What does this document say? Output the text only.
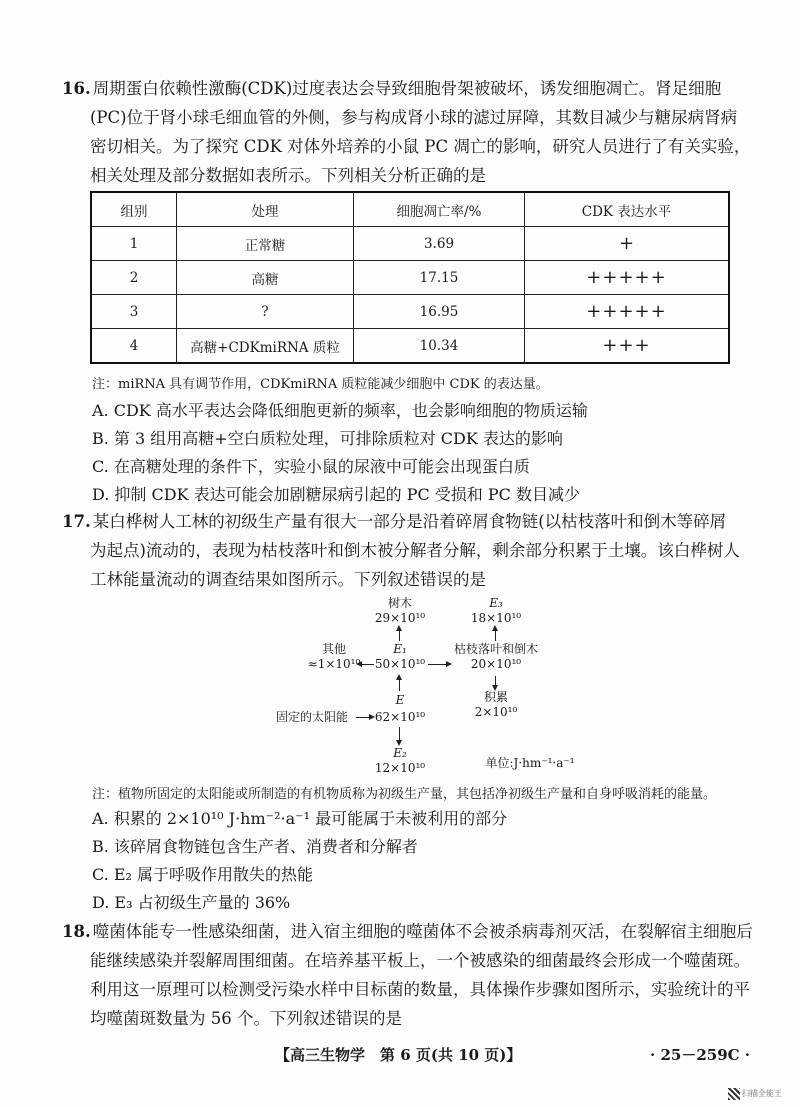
16. 周期蛋白依赖性激酶(CDK)过度表达会导致细胞骨架被破坏，诱发细胞凋亡。肾足细胞
(PC)位于肾小球毛细血管的外侧，参与构成肾小球的滤过屏障，其数目减少与糖尿病肾病
密切相关。为了探究 CDK 对体外培养的小鼠 PC 凋亡的影响，研究人员进行了有关实验，
相关处理及部分数据如表所示。下列相关分析正确的是
组别	处理	细胞凋亡率/%	CDK 表达水平
1	正常糖	3.69	+
2	高糖	17.15	+++++
3	?	16.95	+++++
4	高糖+CDKmiRNA 质粒	10.34	+++
注：miRNA 具有调节作用，CDKmiRNA 质粒能减少细胞中 CDK 的表达量。
A. CDK 高水平表达会降低细胞更新的频率，也会影响细胞的物质运输
B. 第 3 组用高糖+空白质粒处理，可排除质粒对 CDK 表达的影响
C. 在高糖处理的条件下，实验小鼠的尿液中可能会出现蛋白质
D. 抑制 CDK 表达可能会加剧糖尿病引起的 PC 受损和 PC 数目减少
17. 某白桦树人工林的初级生产量有很大一部分是沿着碎屑食物链(以枯枝落叶和倒木等碎屑
为起点)流动的，表现为枯枝落叶和倒木被分解者分解，剩余部分积累于土壤。该白桦树人
工林能量流动的调查结果如图所示。下列叙述错误的是
树木
29×10¹⁰
E₃
18×10¹⁰
其他
≈1×10¹⁰
E₁
50×10¹⁰
枯枝落叶和倒木
20×10¹⁰
E	积累
2×10¹⁰
固定的太阳能	62×10¹⁰
E₂
12×10¹⁰	单位:J·hm⁻¹·a⁻¹
注：植物所固定的太阳能或所制造的有机物质称为初级生产量，其包括净初级生产量和自身呼吸消耗的能量。
A. 积累的 2×10¹⁰ J·hm⁻²·a⁻¹ 最可能属于未被利用的部分
B. 该碎屑食物链包含生产者、消费者和分解者
C. E₂ 属于呼吸作用散失的热能
D. E₃ 占初级生产量的 36%
18. 噬菌体能专一性感染细菌，进入宿主细胞的噬菌体不会被杀病毒剂灭活，在裂解宿主细胞后
能继续感染并裂解周围细菌。在培养基平板上，一个被感染的细菌最终会形成一个噬菌斑。
利用这一原理可以检测受污染水样中目标菌的数量，具体操作步骤如图所示，实验统计的平
均噬菌斑数量为 56 个。下列叙述错误的是
【高三生物学　第 6 页(共 10 页)】	· 25－259C ·
扫描全能王
